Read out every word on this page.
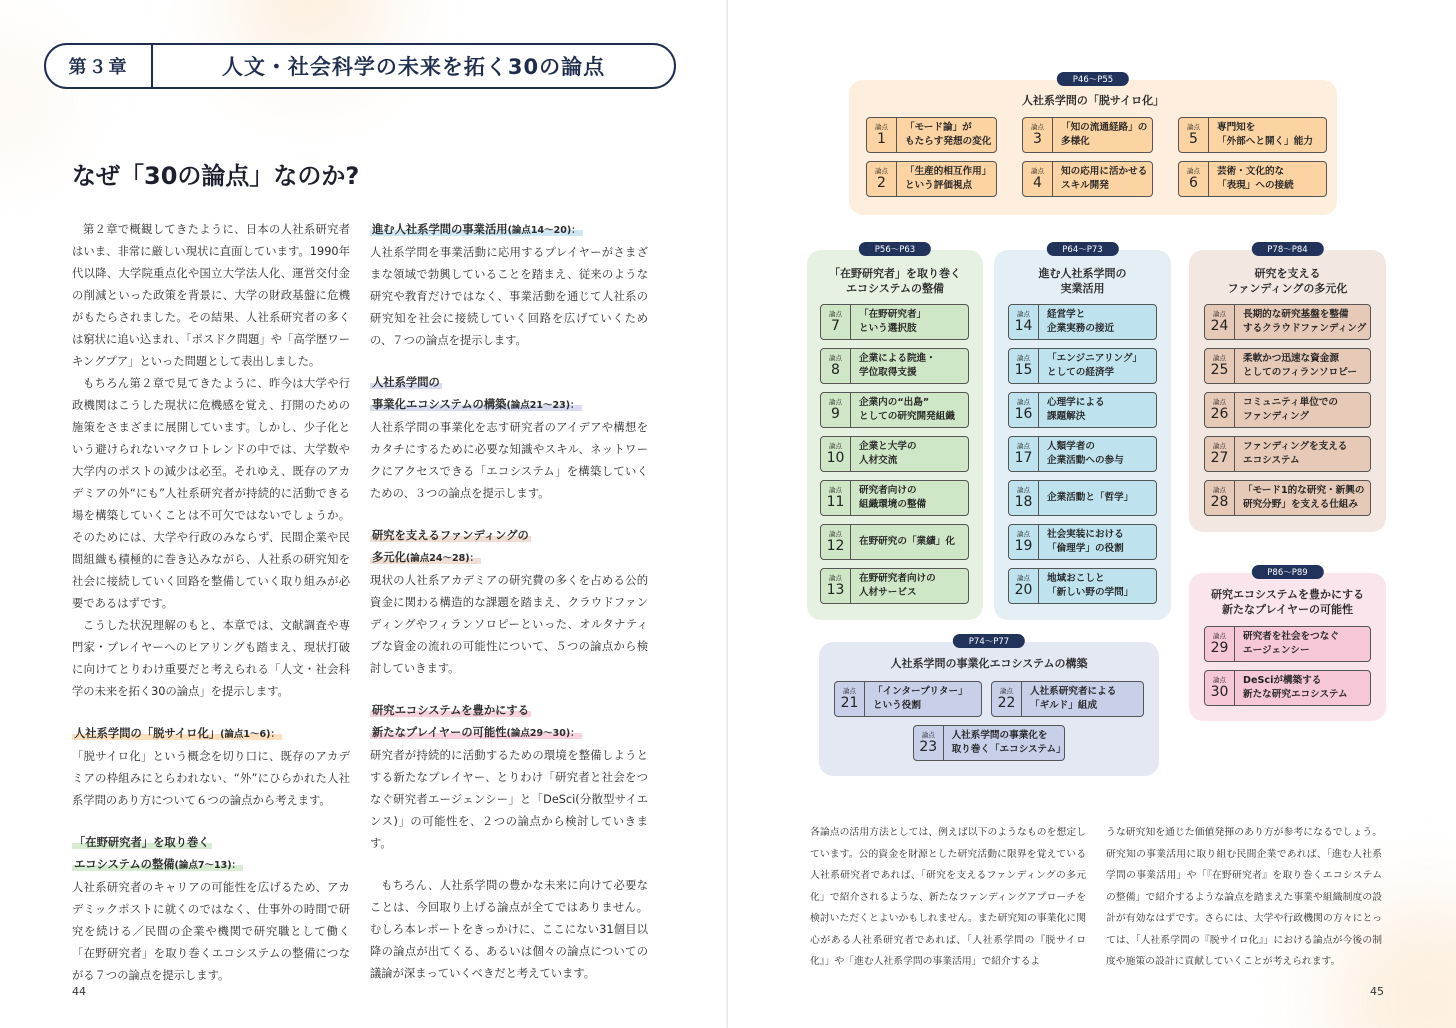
第３章	人文・社会科学の未来を拓く30の論点
なぜ「30の論点」なのか?

第２章で概観してきたように、日本の人社系研究者はいま、非常に厳しい現状に直面しています。1990年代以降、大学院重点化や国立大学法人化、運営交付金の削減といった政策を背景に、大学の財政基盤に危機がもたらされました。その結果、人社系研究者の多くは窮状に追い込まれ、「ポスドク問題」や「高学歴ワーキングプア」といった問題として表出しました。

もちろん第２章で見てきたように、昨今は大学や行政機関はこうした現状に危機感を覚え、打開のための施策をさまざまに展開しています。しかし、少子化という避けられないマクロトレンドの中では、大学数や大学内のポストの減少は必至。それゆえ、既存のアカデミアの外“にも”人社系研究者が持続的に活動できる場を構築していくことは不可欠ではないでしょうか。そのためには、大学や行政のみならず、民間企業や民間組織も積極的に巻き込みながら、人社系の研究知を社会に接続していく回路を整備していく取り組みが必要であるはずです。

こうした状況理解のもと、本章では、文献調査や専門家・プレイヤーへのヒアリングも踏まえ、現状打破に向けてとりわけ重要だと考えられる「人文・社会科学の未来を拓く30の論点」を提示します。

人社系学問の「脱サイロ化」(論点1〜6)：

「脱サイロ化」という概念を切り口に、既存のアカデミアの枠組みにとらわれない、“外”にひらかれた人社系学問のあり方について６つの論点から考えます。

「在野研究者」を取り巻く
エコシステムの整備(論点7〜13)：

人社系研究者のキャリアの可能性を広げるため、アカデミックポストに就くのではなく、仕事外の時間で研究を続ける／民間の企業や機関で研究職として働く「在野研究者」を取り巻くエコシステムの整備につながる７つの論点を提示します。

進む人社系学問の事業活用(論点14〜20)：

人社系学問を事業活動に応用するプレイヤーがさまざまな領域で勃興していることを踏まえ、従来のような研究や教育だけではなく、事業活動を通じて人社系の研究知を社会に接続していく回路を広げていくための、７つの論点を提示します。

人社系学問の
事業化エコシステムの構築(論点21〜23)：

人社系学問の事業化を志す研究者のアイデアや構想をカタチにするために必要な知識やスキル、ネットワークにアクセスできる「エコシステム」を構築していくための、３つの論点を提示します。

研究を支えるファンディングの
多元化(論点24〜28)：

現状の人社系アカデミアの研究費の多くを占める公的資金に関わる構造的な課題を踏まえ、クラウドファンディングやフィランソロピーといった、オルタナティブな資金の流れの可能性について、５つの論点から検討していきます。

研究エコシステムを豊かにする
新たなプレイヤーの可能性(論点29〜30)：

研究者が持続的に活動するための環境を整備しようとする新たなプレイヤー、とりわけ「研究者と社会をつなぐ研究者エージェンシー」と「DeSci(分散型サイエンス)」の可能性を、２つの論点から検討していきます。

もちろん、人社系学問の豊かな未来に向けて必要なことは、今回取り上げる論点が全てではありません。むしろ本レポートをきっかけに、ここにない31個目以降の論点が出てくる、あるいは個々の論点についての議論が深まっていくべきだと考えています。

44
P46〜P55
人社系学問の「脱サイロ化」
論点
1
「モード論」が
もたらす発想の変化
論点
2
「生産的相互作用」
という評価視点
論点
3
「知の流通経路」の
多様化
論点
4
知の応用に活かせる
スキル開発
論点
5
専門知を
「外部へと開く」能力
論点
6
芸術・文化的な
「表現」への接続
P56〜P63
「在野研究者」を取り巻く
エコシステムの整備
論点
7
「在野研究者」
という選択肢
論点
8
企業による院進・
学位取得支援
論点
9
企業内の“出島”
としての研究開発組織
論点
10
企業と大学の
人材交流
論点
11
研究者向けの
組織環境の整備
論点
12	在野研究の「業績」化
論点
13
在野研究者向けの
人材サービス
P64〜P73
進む人社系学問の
実業活用
論点
14
経営学と
企業実務の接近
論点
15
「エンジニアリング」
としての経済学
論点
16
心理学による
課題解決
論点
17
人類学者の
企業活動への参与
論点
18	企業活動と「哲学」
論点
19
社会実装における
「倫理学」の役割
論点
20
地域おこしと
「新しい野の学問」
P78〜P84
研究を支える
ファンディングの多元化
論点
24
長期的な研究基盤を整備
するクラウドファンディング
論点
25
柔軟かつ迅速な資金源
としてのフィランソロピー
論点
26
コミュニティ単位での
ファンディング
論点
27
ファンディングを支える
エコシステム
論点
28
「モード1的な研究・新興の
研究分野」を支える仕組み
P74〜P77
人社系学問の事業化エコシステムの構築
論点
21
「インタープリター」
という役割
論点
22
人社系研究者による
「ギルド」組成
論点
23
人社系学問の事業化を
取り巻く「エコシステム」
P86〜P89
研究エコシステムを豊かにする
新たなプレイヤーの可能性
論点
29
研究者を社会をつなぐ
エージェンシー
論点
30
DeSciが構築する
新たな研究エコシステム

各論点の活用方法としては、例えば以下のようなものを想定しています。公的資金を財源とした研究活動に限界を覚えている人社系研究者であれば、「研究を支えるファンディングの多元化」で紹介されるような、新たなファンディングアプローチを検討いただくとよいかもしれません。また研究知の事業化に関心がある人社系研究者であれば、「人社系学問の『脱サイロ化』」や「進む人社系学問の事業活用」で紹介するよ

うな研究知を通じた価値発揮のあり方が参考になるでしょう。研究知の事業活用に取り組む民間企業であれば、「進む人社系学問の事業活用」や「『在野研究者』を取り巻くエコシステムの整備」で紹介するような論点を踏まえた事業や組織制度の設計が有効なはずです。さらには、大学や行政機関の方々にとっては、「人社系学問の『脱サイロ化』」における論点が今後の制度や施策の設計に貢献していくことが考えられます。

45
